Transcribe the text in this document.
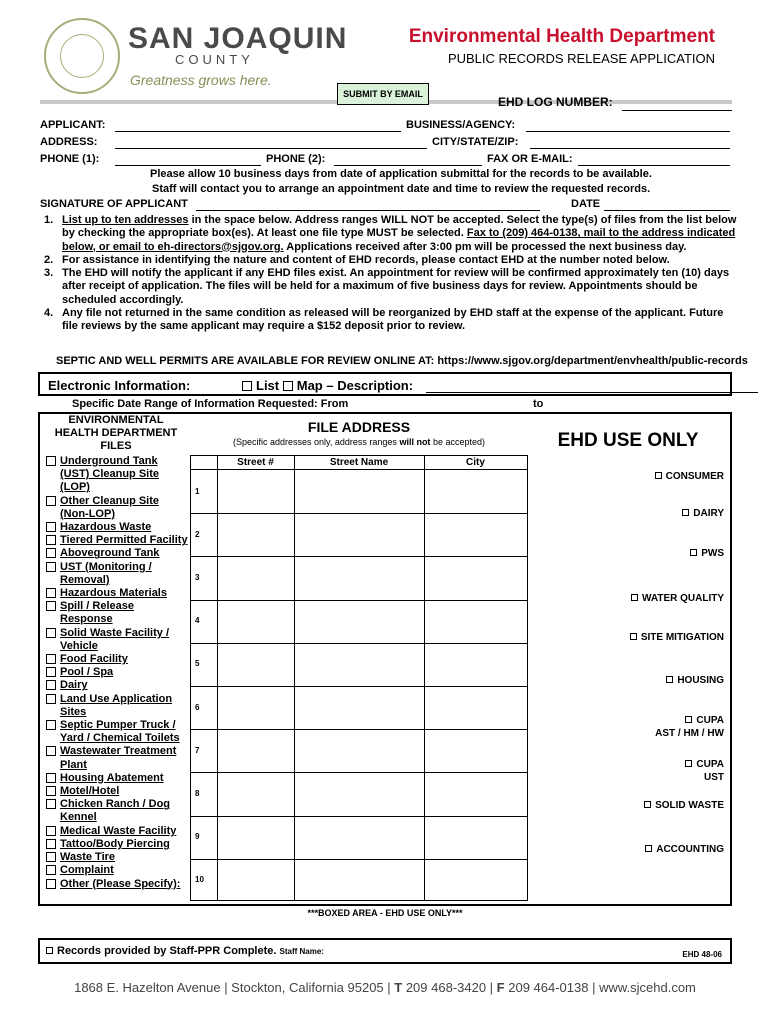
SAN JOAQUIN
COUNTY
Greatness grows here.
Environmental Health Department
PUBLIC RECORDS RELEASE APPLICATION
SUBMIT BY EMAIL
EHD LOG NUMBER:
APPLICANT:	BUSINESS/AGENCY:
ADDRESS:	CITY/STATE/ZIP:
PHONE (1):	PHONE (2):	FAX OR E-MAIL:
Please allow 10 business days from date of application submittal for the records to be available.
Staff will contact you to arrange an appointment date and time to review the requested records.
SIGNATURE OF APPLICANT	DATE
1. List up to ten addresses in the space below. Address ranges WILL NOT be accepted. Select the type(s) of files from the list below by checking the appropriate box(es). At least one file type MUST be selected. Fax to (209) 464-0138, mail to the address indicated below, or email to eh-directors@sjgov.org. Applications received after 3:00 pm will be processed the next business day.
2. For assistance in identifying the nature and content of EHD records, please contact EHD at the number noted below.
3. The EHD will notify the applicant if any EHD files exist. An appointment for review will be confirmed approximately ten (10) days after receipt of application. The files will be held for a maximum of five business days for review. Appointments should be scheduled accordingly.
4. Any file not returned in the same condition as released will be reorganized by EHD staff at the expense of the applicant. Future file reviews by the same applicant may require a $152 deposit prior to review.
SEPTIC AND WELL PERMITS ARE AVAILABLE FOR REVIEW ONLINE AT: https://www.sjgov.org/department/envhealth/public-records
Electronic Information:	List Map – Description:
Specific Date Range of Information Requested: From	to
ENVIRONMENTAL HEALTH DEPARTMENT FILES
Underground Tank
(UST) Cleanup Site
(LOP)
Other Cleanup Site
(Non-LOP)
Hazardous Waste
Tiered Permitted Facility
Aboveground Tank
UST (Monitoring /
Removal)
Hazardous Materials
Spill / Release
Response
Solid Waste Facility /
Vehicle
Food Facility
Pool / Spa
Dairy
Land Use Application
Sites
Septic Pumper Truck /
Yard / Chemical Toilets
Wastewater Treatment
Plant
Housing Abatement
Motel/Hotel
Chicken Ranch / Dog
Kennel
Medical Waste Facility
Tattoo/Body Piercing
Waste Tire
Complaint
Other (Please Specify):
FILE ADDRESS
(Specific addresses only, address ranges will not be accepted)
Street #	Street Name	City
1
2
3
4
5
6
7
8
9
10
EHD USE ONLY
CONSUMER
DAIRY
PWS
WATER QUALITY
SITE MITIGATION
HOUSING
CUPA
AST / HM / HW
CUPA
UST
SOLID WASTE
ACCOUNTING
***BOXED AREA - EHD USE ONLY***
Records provided by Staff-PPR Complete. Staff Name:	EHD 48-06
1868 E. Hazelton Avenue | Stockton, California 95205 | T 209 468-3420 | F 209 464-0138 | www.sjcehd.com
